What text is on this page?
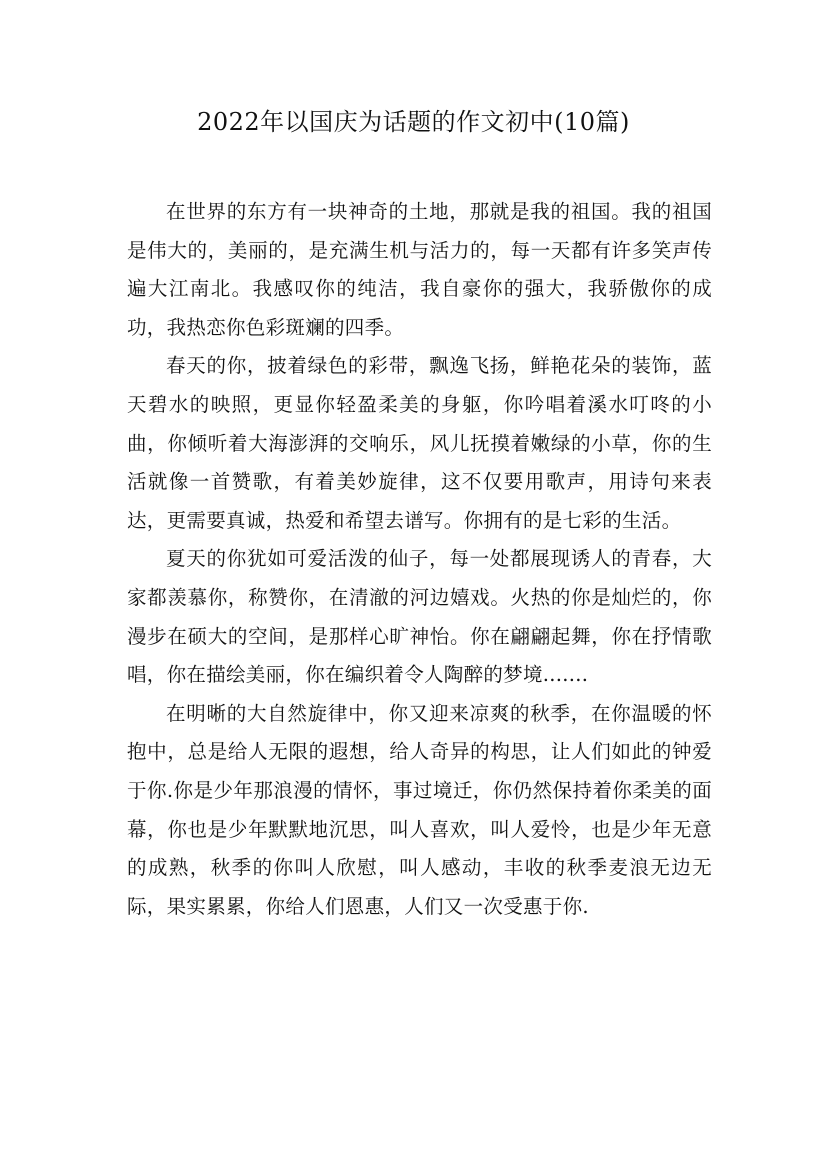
2022年以国庆为话题的作文初中(10篇)

在世界的东方有一块神奇的土地，那就是我的祖国。我的祖国是伟大的，美丽的，是充满生机与活力的，每一天都有许多笑声传遍大江南北。我感叹你的纯洁，我自豪你的强大，我骄傲你的成功，我热恋你色彩斑斓的四季。

春天的你，披着绿色的彩带，飘逸飞扬，鲜艳花朵的装饰，蓝天碧水的映照，更显你轻盈柔美的身躯，你吟唱着溪水叮咚的小曲，你倾听着大海澎湃的交响乐，风儿抚摸着嫩绿的小草，你的生活就像一首赞歌，有着美妙旋律，这不仅要用歌声，用诗句来表达，更需要真诚，热爱和希望去谱写。你拥有的是七彩的生活。

夏天的你犹如可爱活泼的仙子，每一处都展现诱人的青春，大家都羡慕你，称赞你，在清澈的河边嬉戏。火热的你是灿烂的，你漫步在硕大的空间，是那样心旷神怡。你在翩翩起舞，你在抒情歌唱，你在描绘美丽，你在编织着令人陶醉的梦境.......

在明晰的大自然旋律中，你又迎来凉爽的秋季，在你温暖的怀抱中，总是给人无限的遐想，给人奇异的构思，让人们如此的钟爱于你.你是少年那浪漫的情怀，事过境迁，你仍然保持着你柔美的面幕，你也是少年默默地沉思，叫人喜欢，叫人爱怜，也是少年无意的成熟，秋季的你叫人欣慰，叫人感动，丰收的秋季麦浪无边无际，果实累累，你给人们恩惠，人们又一次受惠于你.
